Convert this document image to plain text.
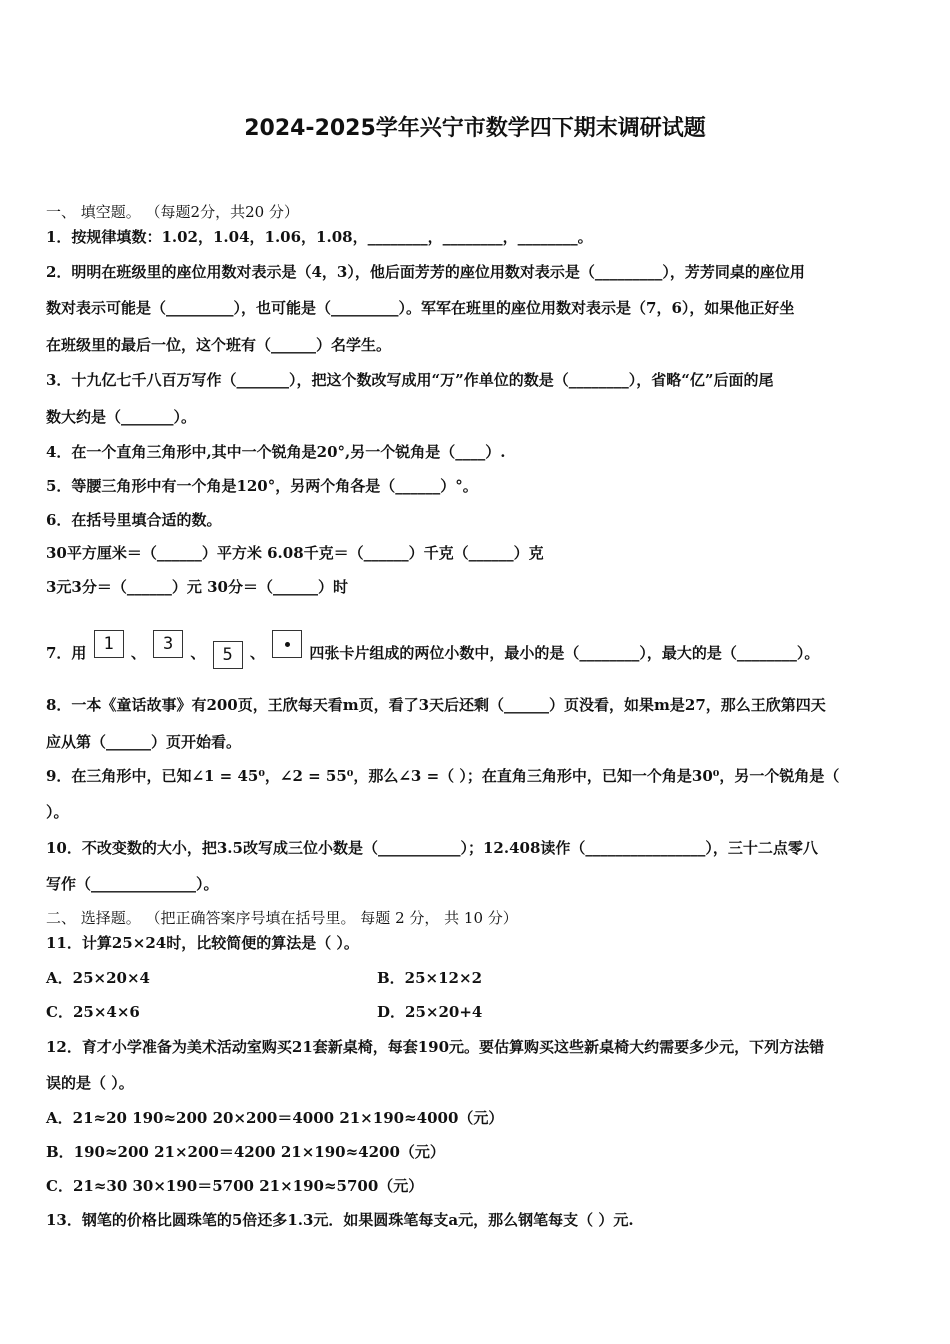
2024-2025学年兴宁市数学四下期末调研试题
一、 填空题。 （每题2分，共20 分）
1．按规律填数：1.02，1.04，1.06，1.08，________，________，________。
2．明明在班级里的座位用数对表示是（4，3），他后面芳芳的座位用数对表示是（_________），芳芳同桌的座位用
数对表示可能是（_________），也可能是（_________）。军军在班里的座位用数对表示是（7，6），如果他正好坐
在班级里的最后一位，这个班有（______）名学生。
3．十九亿七千八百万写作（_______），把这个数改写成用“万”作单位的数是（________），省略“亿”后面的尾
数大约是（_______）。
4．在一个直角三角形中,其中一个锐角是20°,另一个锐角是（____）.
5．等腰三角形中有一个角是120°，另两个角各是（______）°。
6．在括号里填合适的数。
30平方厘米＝（______）平方米 6.08千克＝（______）千克（______）克
3元3分＝（______）元 30分＝（______）时
7．用 1 、 3 、 5 、	四张卡片组成的两位小数中，最小的是（________），最大的是（________）。
8．一本《童话故事》有200页，王欣每天看m页，看了3天后还剩（______）页没看，如果m是27，那么王欣第四天
应从第（______）页开始看。
9．在三角形中，已知∠1 = 45⁰，∠2 = 55⁰，那么∠3 =（ ）；在直角三角形中，已知一个角是30⁰，另一个锐角是（
）。
10．不改变数的大小，把3.5改写成三位小数是（___________）；12.408读作（________________），三十二点零八
写作（______________）。
二、 选择题。 （把正确答案序号填在括号里。 每题 2 分， 共 10 分）
11．计算25×24时，比较简便的算法是（ ）。
A．25×20×4	B．25×12×2
C．25×4×6	D．25×20+4
12．育才小学准备为美术活动室购买21套新桌椅，每套190元。要估算购买这些新桌椅大约需要多少元，下列方法错
误的是（ ）。
A．21≈20 190≈200 20×200＝4000 21×190≈4000（元）
B．190≈200 21×200＝4200 21×190≈4200（元）
C．21≈30 30×190＝5700 21×190≈5700（元）
13．钢笔的价格比圆珠笔的5倍还多1.3元．如果圆珠笔每支a元，那么钢笔每支（ ）元.
